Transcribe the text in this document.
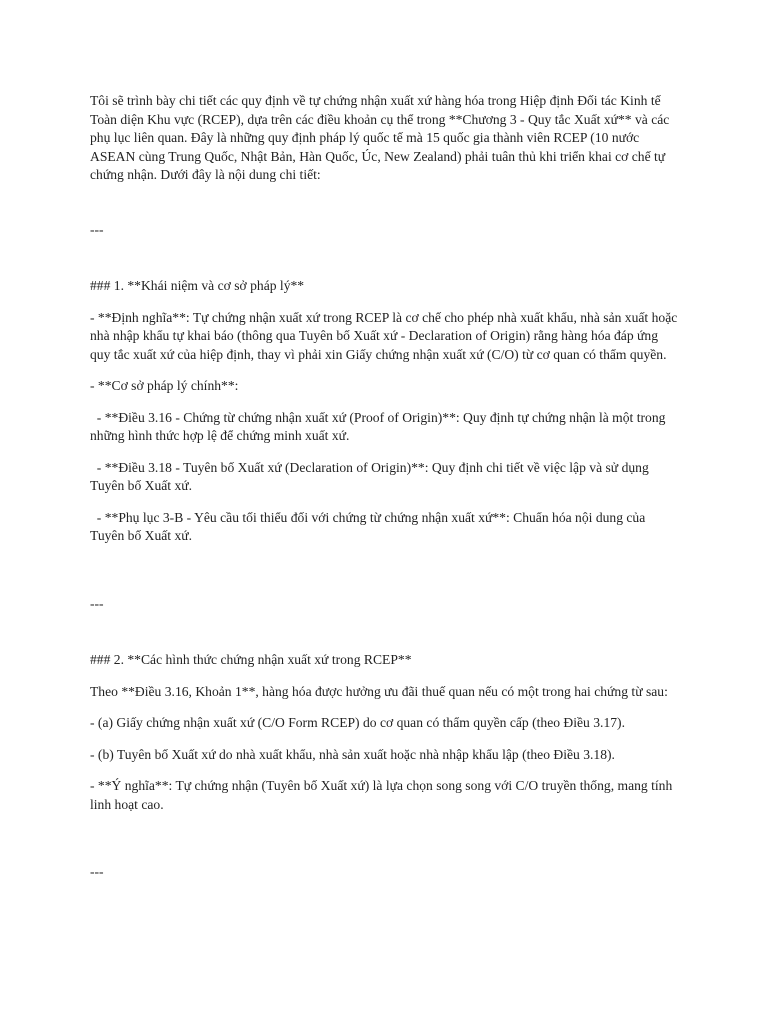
Tôi sẽ trình bày chi tiết các quy định về tự chứng nhận xuất xứ hàng hóa trong Hiệp định Đối tác Kinh tế Toàn diện Khu vực (RCEP), dựa trên các điều khoản cụ thể trong **Chương 3 - Quy tắc Xuất xứ** và các phụ lục liên quan. Đây là những quy định pháp lý quốc tế mà 15 quốc gia thành viên RCEP (10 nước ASEAN cùng Trung Quốc, Nhật Bản, Hàn Quốc, Úc, New Zealand) phải tuân thủ khi triển khai cơ chế tự chứng nhận. Dưới đây là nội dung chi tiết:

---

### 1. **Khái niệm và cơ sở pháp lý**

- **Định nghĩa**: Tự chứng nhận xuất xứ trong RCEP là cơ chế cho phép nhà xuất khẩu, nhà sản xuất hoặc nhà nhập khẩu tự khai báo (thông qua Tuyên bố Xuất xứ - Declaration of Origin) rằng hàng hóa đáp ứng quy tắc xuất xứ của hiệp định, thay vì phải xin Giấy chứng nhận xuất xứ (C/O) từ cơ quan có thẩm quyền.

- **Cơ sở pháp lý chính**:

- **Điều 3.16 - Chứng từ chứng nhận xuất xứ (Proof of Origin)**: Quy định tự chứng nhận là một trong những hình thức hợp lệ để chứng minh xuất xứ.

- **Điều 3.18 - Tuyên bố Xuất xứ (Declaration of Origin)**: Quy định chi tiết về việc lập và sử dụng Tuyên bố Xuất xứ.

- **Phụ lục 3-B - Yêu cầu tối thiểu đối với chứng từ chứng nhận xuất xứ**: Chuẩn hóa nội dung của Tuyên bố Xuất xứ.

---

### 2. **Các hình thức chứng nhận xuất xứ trong RCEP**

Theo **Điều 3.16, Khoản 1**, hàng hóa được hưởng ưu đãi thuế quan nếu có một trong hai chứng từ sau:

- (a) Giấy chứng nhận xuất xứ (C/O Form RCEP) do cơ quan có thẩm quyền cấp (theo Điều 3.17).

- (b) Tuyên bố Xuất xứ do nhà xuất khẩu, nhà sản xuất hoặc nhà nhập khẩu lập (theo Điều 3.18).

- **Ý nghĩa**: Tự chứng nhận (Tuyên bố Xuất xứ) là lựa chọn song song với C/O truyền thống, mang tính linh hoạt cao.

---
